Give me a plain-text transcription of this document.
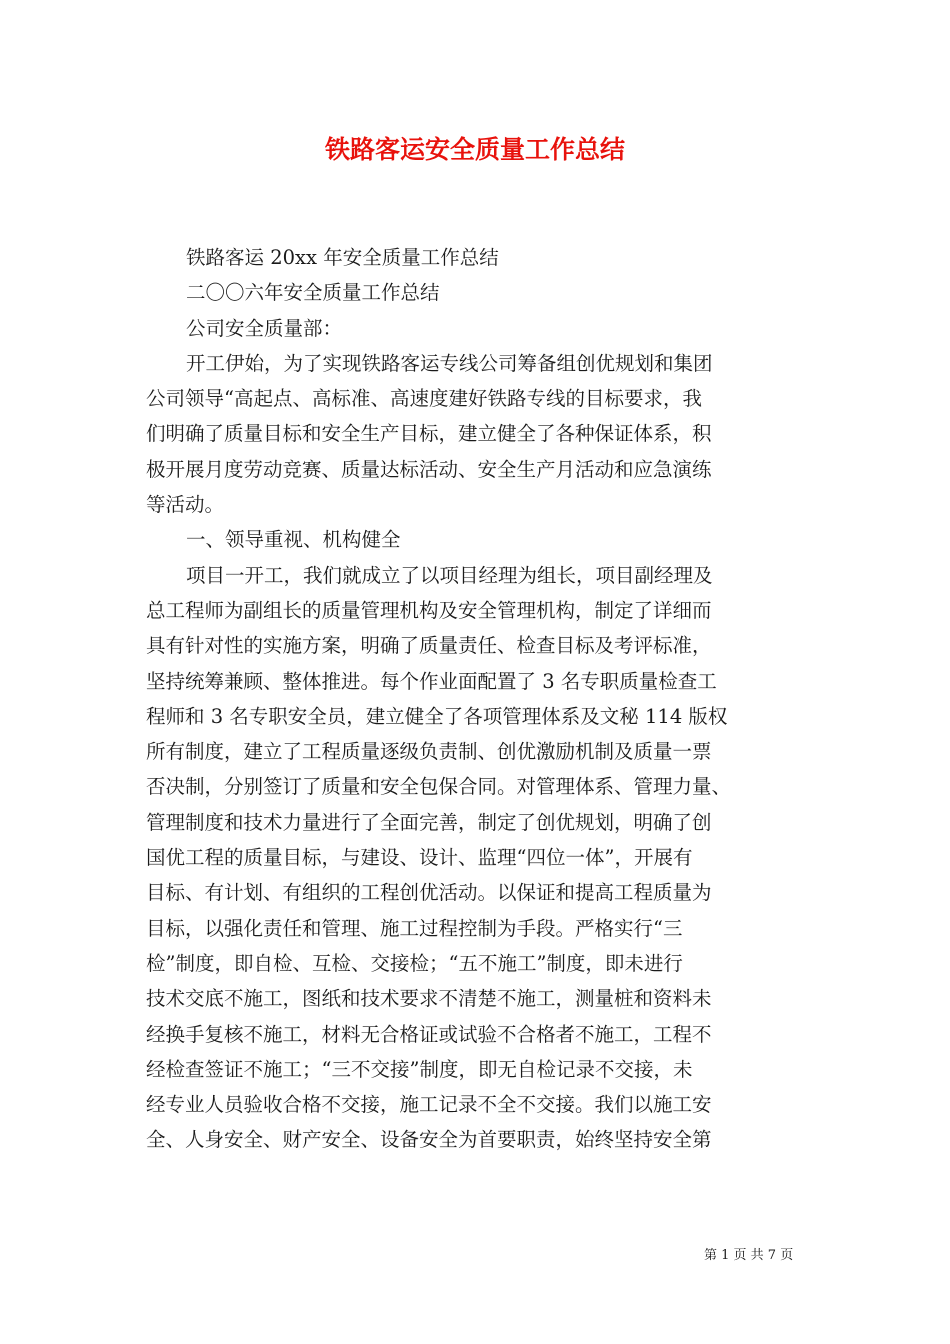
铁路客运安全质量工作总结
铁路客运 20xx 年安全质量工作总结
二〇〇六年安全质量工作总结
公司安全质量部：
开工伊始，为了实现铁路客运专线公司筹备组创优规划和集团
公司领导“高起点、高标准、高速度建好铁路专线的目标要求，我
们明确了质量目标和安全生产目标，建立健全了各种保证体系，积
极开展月度劳动竞赛、质量达标活动、安全生产月活动和应急演练
等活动。
一、领导重视、机构健全
项目一开工，我们就成立了以项目经理为组长，项目副经理及
总工程师为副组长的质量管理机构及安全管理机构，制定了详细而
具有针对性的实施方案，明确了质量责任、检查目标及考评标准，
坚持统筹兼顾、整体推进。每个作业面配置了 3 名专职质量检查工
程师和 3 名专职安全员，建立健全了各项管理体系及文秘 114 版权
所有制度，建立了工程质量逐级负责制、创优激励机制及质量一票
否决制，分别签订了质量和安全包保合同。对管理体系、管理力量、
管理制度和技术力量进行了全面完善，制定了创优规划，明确了创
国优工程的质量目标，与建设、设计、监理“四位一体”，开展有
目标、有计划、有组织的工程创优活动。以保证和提高工程质量为
目标，以强化责任和管理、施工过程控制为手段。严格实行“三
检”制度，即自检、互检、交接检；“五不施工”制度，即未进行
技术交底不施工，图纸和技术要求不清楚不施工，测量桩和资料未
经换手复核不施工，材料无合格证或试验不合格者不施工，工程不
经检查签证不施工；“三不交接”制度，即无自检记录不交接，未
经专业人员验收合格不交接，施工记录不全不交接。我们以施工安
全、人身安全、财产安全、设备安全为首要职责，始终坚持安全第
第 1 页 共 7 页
